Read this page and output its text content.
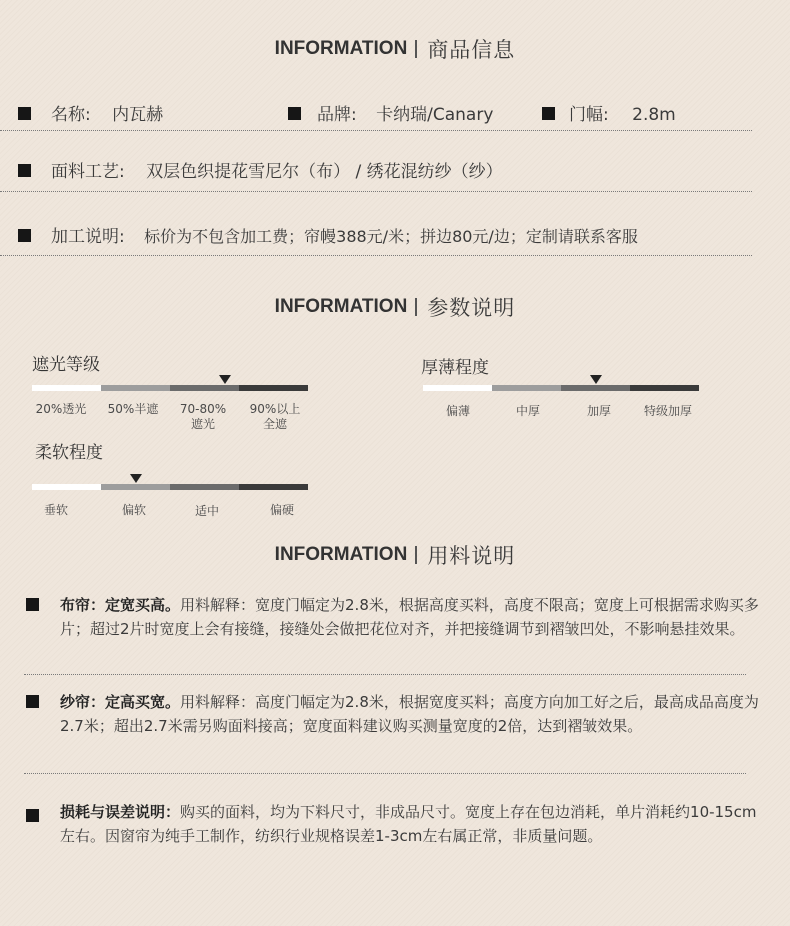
INFORMATION 商品信息
名称: 内瓦赫	品牌: 卡纳瑞/Canary	门幅: 2.8m
面料工艺: 双层色织提花雪尼尔（布） / 绣花混纺纱（纱）
加工说明: 标价为不包含加工费；帘幔388元/米；拼边80元/边；定制请联系客服
INFORMATION 参数说明
遮光等级
20%透光	50%半遮	70-80%
遮光
90%以上
全遮
厚薄程度
偏薄	中厚	加厚	特级加厚
柔软程度
垂软	偏软	适中	偏硬
INFORMATION 用料说明
布帘：定宽买高。用料解释：宽度门幅定为2.8米，根据高度买料，高度不限高；宽度上可根据需求购买多片；超过2片时宽度上会有接缝，接缝处会做把花位对齐，并把接缝调节到褶皱凹处，不影响悬挂效果。
纱帘：定高买宽。用料解释：高度门幅定为2.8米，根据宽度买料；高度方向加工好之后，最高成品高度为2.7米；超出2.7米需另购面料接高；宽度面料建议购买测量宽度的2倍，达到褶皱效果。
损耗与误差说明：购买的面料，均为下料尺寸，非成品尺寸。宽度上存在包边消耗，单片消耗约10-15cm左右。因窗帘为纯手工制作，纺织行业规格误差1-3cm左右属正常，非质量问题。
